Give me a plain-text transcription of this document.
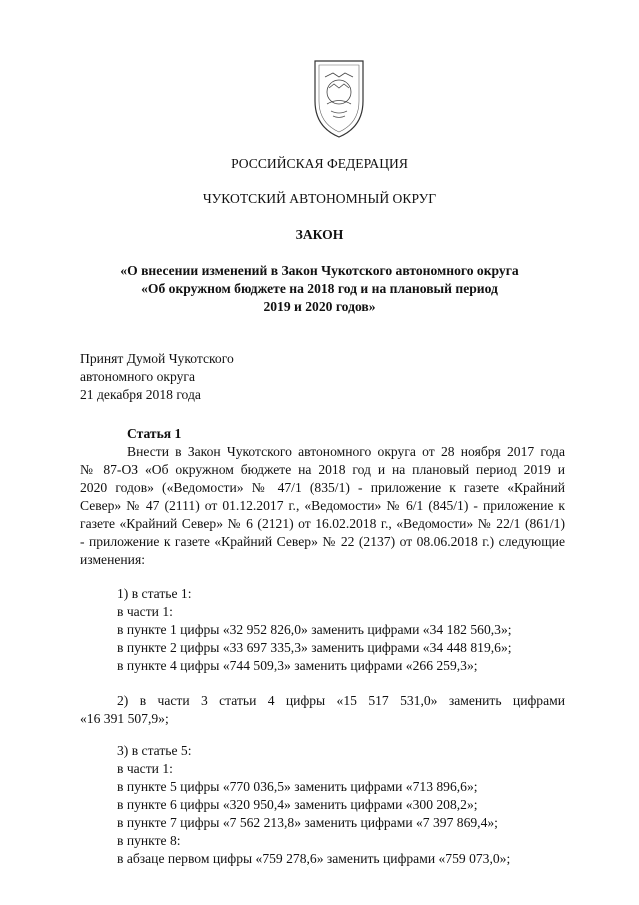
РОССИЙСКАЯ ФЕДЕРАЦИЯ
ЧУКОТСКИЙ АВТОНОМНЫЙ ОКРУГ
ЗАКОН
«О внесении изменений в Закон Чукотского автономного округа
«Об окружном бюджете на 2018 год и на плановый период
2019 и 2020 годов»
Принят Думой Чукотского
автономного округа
21 декабря 2018 года
Статья 1
Внести в Закон Чукотского автономного округа от 28 ноября 2017 года
№ 87-ОЗ «Об окружном бюджете на 2018 год и на плановый период 2019 и
2020 годов» («Ведомости» № 47/1 (835/1) - приложение к газете «Крайний
Север» № 47 (2111) от 01.12.2017 г., «Ведомости» № 6/1 (845/1) - приложение к
газете «Крайний Север» № 6 (2121) от 16.02.2018 г., «Ведомости» № 22/1 (861/1)
- приложение к газете «Крайний Север» № 22 (2137) от 08.06.2018 г.) следующие
изменения:
1) в статье 1:
в части 1:
в пункте 1 цифры «32 952 826,0» заменить цифрами «34 182 560,3»;
в пункте 2 цифры «33 697 335,3» заменить цифрами «34 448 819,6»;
в пункте 4 цифры «744 509,3» заменить цифрами «266 259,3»;
2) в части 3 статьи 4 цифры «15 517 531,0» заменить цифрами
«16 391 507,9»;
3) в статье 5:
в части 1:
в пункте 5 цифры «770 036,5» заменить цифрами «713 896,6»;
в пункте 6 цифры «320 950,4» заменить цифрами «300 208,2»;
в пункте 7 цифры «7 562 213,8» заменить цифрами «7 397 869,4»;
в пункте 8:
в абзаце первом цифры «759 278,6» заменить цифрами «759 073,0»;
